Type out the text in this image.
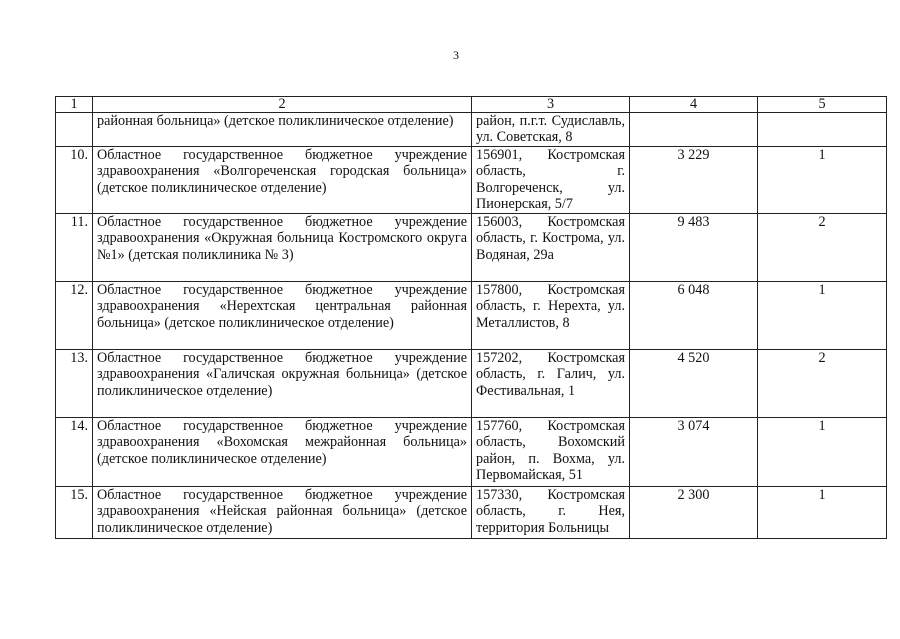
3
1	2	3	4	5
	районная больница» (детское поликлиническое отделение)	район, п.г.т. Судиславль, ул. Советская, 8		
10.	Областное государственное бюджетное учреждение здравоохранения «Волгореченская городская больница» (детское поликлиническое отделение)	156901, Костромская область, г. Волгореченск, ул. Пионерская, 5/7	3 229	1
11.	Областное государственное бюджетное учреждение здравоохранения «Окружная больница Костромского округа №1» (детская поликлиника № 3)	156003, Костромская область, г. Кострома, ул. Водяная, 29а	9 483	2
12.	Областное государственное бюджетное учреждение здравоохранения «Нерехтская центральная районная больница» (детское поликлиническое отделение)	157800, Костромская область, г. Нерехта, ул. Металлистов, 8	6 048	1
13.	Областное государственное бюджетное учреждение здравоохранения «Галичская окружная больница» (детское поликлиническое отделение)	157202, Костромская область, г. Галич, ул. Фестивальная, 1	4 520	2
14.	Областное государственное бюджетное учреждение здравоохранения «Вохомская межрайонная больница» (детское поликлиническое отделение)	157760, Костромская область, Вохомский район, п. Вохма, ул. Первомайская, 51	3 074	1
15.	Областное государственное бюджетное учреждение здравоохранения «Нейская районная больница» (детское поликлиническое отделение)	157330, Костромская область, г. Нея, территория Больницы	2 300	1
